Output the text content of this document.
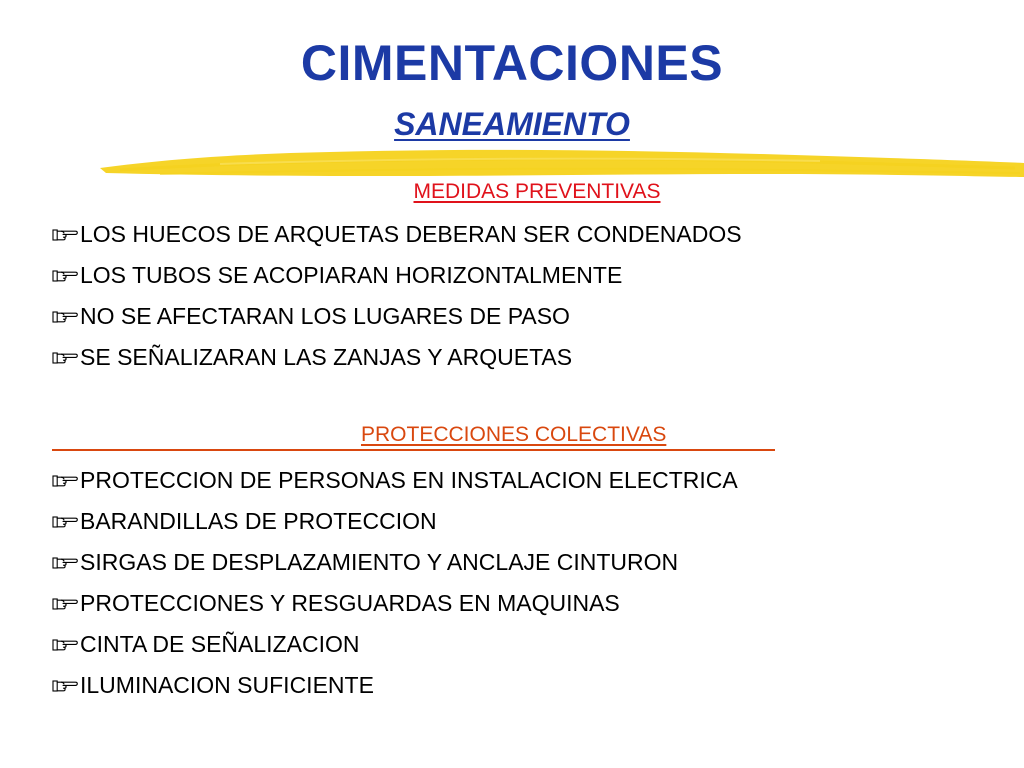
CIMENTACIONES
SANEAMIENTO
MEDIDAS PREVENTIVAS
LOS HUECOS DE ARQUETAS DEBERAN SER CONDENADOS
LOS TUBOS SE ACOPIARAN HORIZONTALMENTE
NO SE AFECTARAN LOS LUGARES DE PASO
SE SEÑALIZARAN LAS ZANJAS Y ARQUETAS
PROTECCIONES COLECTIVAS
PROTECCION DE PERSONAS EN INSTALACION ELECTRICA
BARANDILLAS DE PROTECCION
SIRGAS DE DESPLAZAMIENTO Y ANCLAJE CINTURON
PROTECCIONES Y RESGUARDAS EN MAQUINAS
CINTA DE SEÑALIZACION
ILUMINACION SUFICIENTE
